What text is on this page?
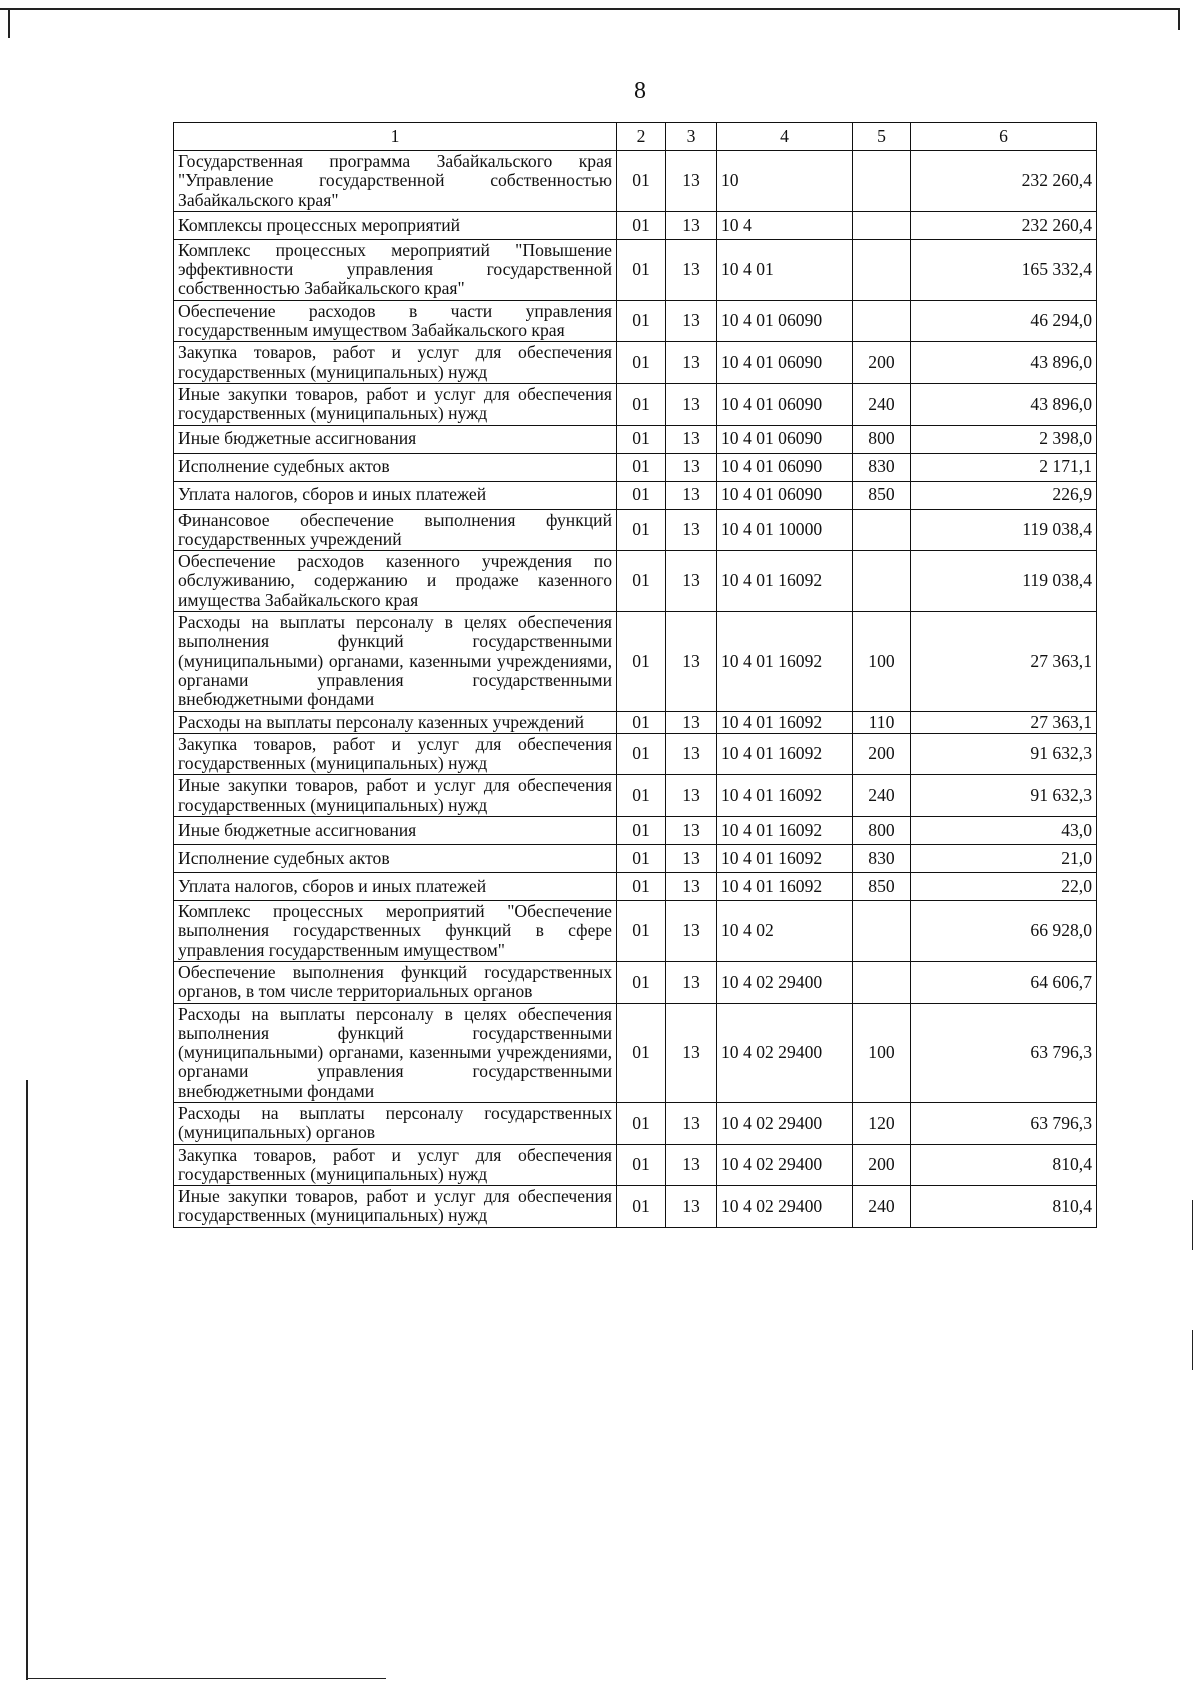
8
1	2	3	4	5	6
Государственная программа Забайкальского края "Управление государственной собственностью Забайкальского края"	01	13	10		232 260,4
Комплексы процессных мероприятий	01	13	10 4		232 260,4
Комплекс процессных мероприятий "Повышение эффективности управления государственной собственностью Забайкальского края"	01	13	10 4 01		165 332,4
Обеспечение расходов в части управления государственным имуществом Забайкальского края	01	13	10 4 01 06090		46 294,0
Закупка товаров, работ и услуг для обеспечения государственных (муниципальных) нужд	01	13	10 4 01 06090	200	43 896,0
Иные закупки товаров, работ и услуг для обеспечения государственных (муниципальных) нужд	01	13	10 4 01 06090	240	43 896,0
Иные бюджетные ассигнования	01	13	10 4 01 06090	800	2 398,0
Исполнение судебных актов	01	13	10 4 01 06090	830	2 171,1
Уплата налогов, сборов и иных платежей	01	13	10 4 01 06090	850	226,9
Финансовое обеспечение выполнения функций государственных учреждений	01	13	10 4 01 10000		119 038,4
Обеспечение расходов казенного учреждения по обслуживанию, содержанию и продаже казенного имущества Забайкальского края	01	13	10 4 01 16092		119 038,4
Расходы на выплаты персоналу в целях обеспечения выполнения функций государственными (муниципальными) органами, казенными учреждениями, органами управления государственными внебюджетными фондами	01	13	10 4 01 16092	100	27 363,1
Расходы на выплаты персоналу казенных учреждений	01	13	10 4 01 16092	110	27 363,1
Закупка товаров, работ и услуг для обеспечения государственных (муниципальных) нужд	01	13	10 4 01 16092	200	91 632,3
Иные закупки товаров, работ и услуг для обеспечения государственных (муниципальных) нужд	01	13	10 4 01 16092	240	91 632,3
Иные бюджетные ассигнования	01	13	10 4 01 16092	800	43,0
Исполнение судебных актов	01	13	10 4 01 16092	830	21,0
Уплата налогов, сборов и иных платежей	01	13	10 4 01 16092	850	22,0
Комплекс процессных мероприятий "Обеспечение выполнения государственных функций в сфере управления государственным имуществом"	01	13	10 4 02		66 928,0
Обеспечение выполнения функций государственных органов, в том числе территориальных органов	01	13	10 4 02 29400		64 606,7
Расходы на выплаты персоналу в целях обеспечения выполнения функций государственными (муниципальными) органами, казенными учреждениями, органами управления государственными внебюджетными фондами	01	13	10 4 02 29400	100	63 796,3
Расходы на выплаты персоналу государственных (муниципальных) органов	01	13	10 4 02 29400	120	63 796,3
Закупка товаров, работ и услуг для обеспечения государственных (муниципальных) нужд	01	13	10 4 02 29400	200	810,4
Иные закупки товаров, работ и услуг для обеспечения государственных (муниципальных) нужд	01	13	10 4 02 29400	240	810,4
